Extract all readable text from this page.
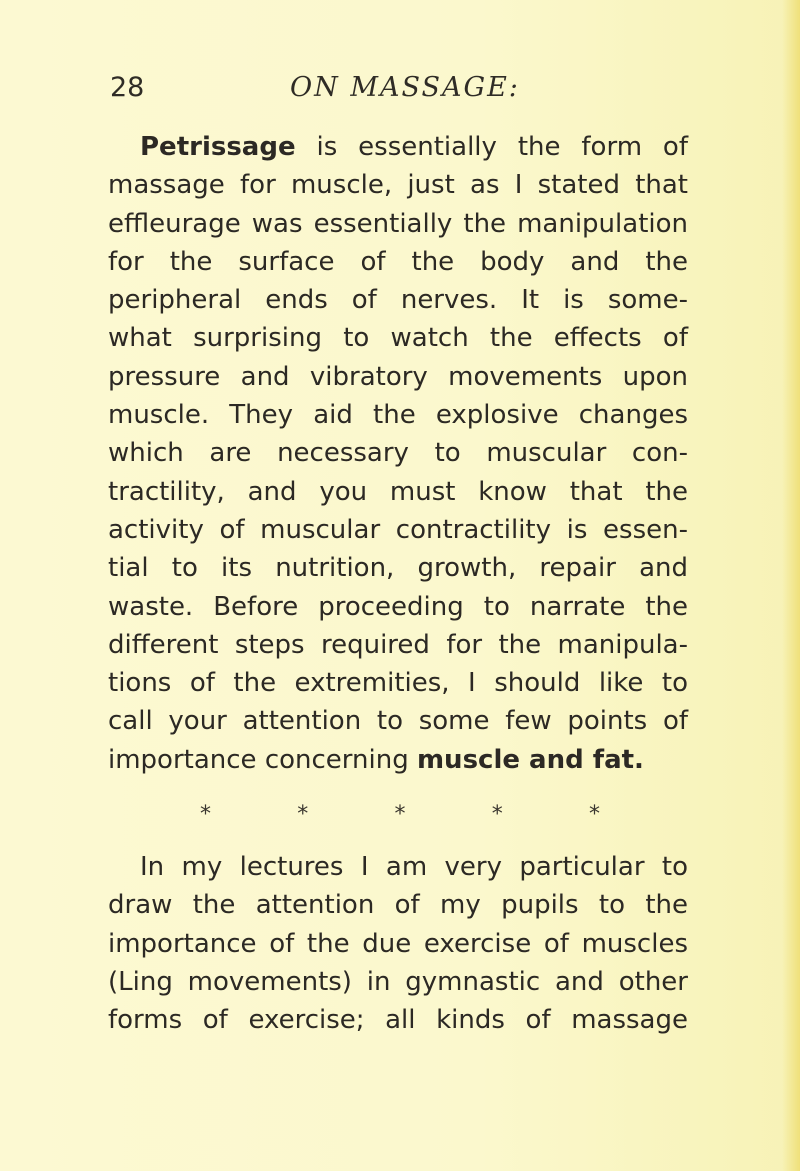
28	ON MASSAGE:
Petrissage is essentially the form of
massage for muscle, just as I stated that
effleurage was essentially the manipulation
for the surface of the body and the
peripheral ends of nerves. It is some-
what surprising to watch the effects of
pressure and vibratory movements upon
muscle. They aid the explosive changes
which are necessary to muscular con-
tractility, and you must know that the
activity of muscular contractility is essen-
tial to its nutrition, growth, repair and
waste. Before proceeding to narrate the
different steps required for the manipula-
tions of the extremities, I should like to
call your attention to some few points of
importance concerning muscle and fat.
*	*	*	*	*
In my lectures I am very particular to
draw the attention of my pupils to the
importance of the due exercise of muscles
(Ling movements) in gymnastic and other
forms of exercise; all kinds of massage
